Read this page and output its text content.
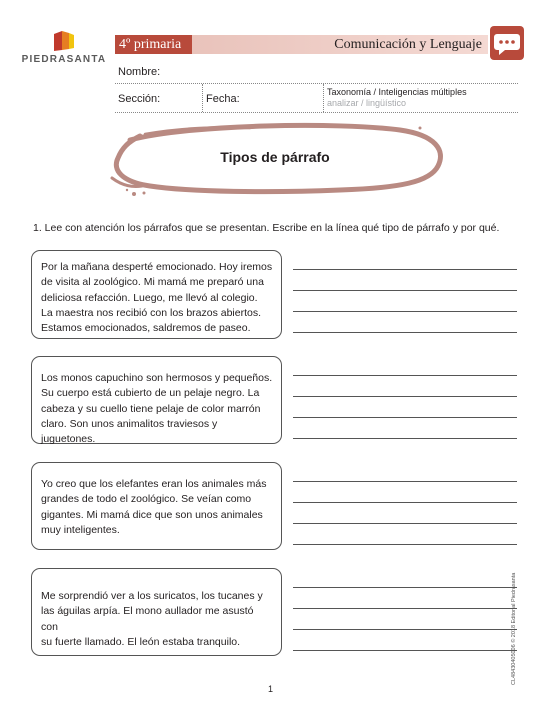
PIEDRASANTA
4º primaria	Comunicación y Lenguaje
Nombre:
Sección:	Fecha:
Taxonomía / Inteligencias múltiples
analizar / lingüístico
Tipos de párrafo
1. Lee con atención los párrafos que se presentan. Escribe en la línea qué tipo de párrafo y por qué.

Por la mañana desperté emocionado. Hoy iremos

de visita al zoológico. Mi mamá me preparó una

deliciosa refacción. Luego, me llevó al colegio.

La maestra nos recibió con los brazos abiertos.

Estamos emocionados, saldremos de paseo.

Los monos capuchino son hermosos y pequeños.

Su cuerpo está cubierto de un pelaje negro. La

cabeza y su cuello tiene pelaje de color marrón

claro. Son unos animalitos traviesos y juguetones.

Yo creo que los elefantes eran los animales más

grandes de todo el zoológico. Se veían como

gigantes. Mi mamá dice que son unos animales

muy inteligentes.

Me sorprendió ver a los suricatos, los tucanes y

las águilas arpía. El mono aullador me asustó con

su fuerte llamado. El león estaba tranquilo.	CL48430405006 © 2018 Editorial Piedrasanta
1
